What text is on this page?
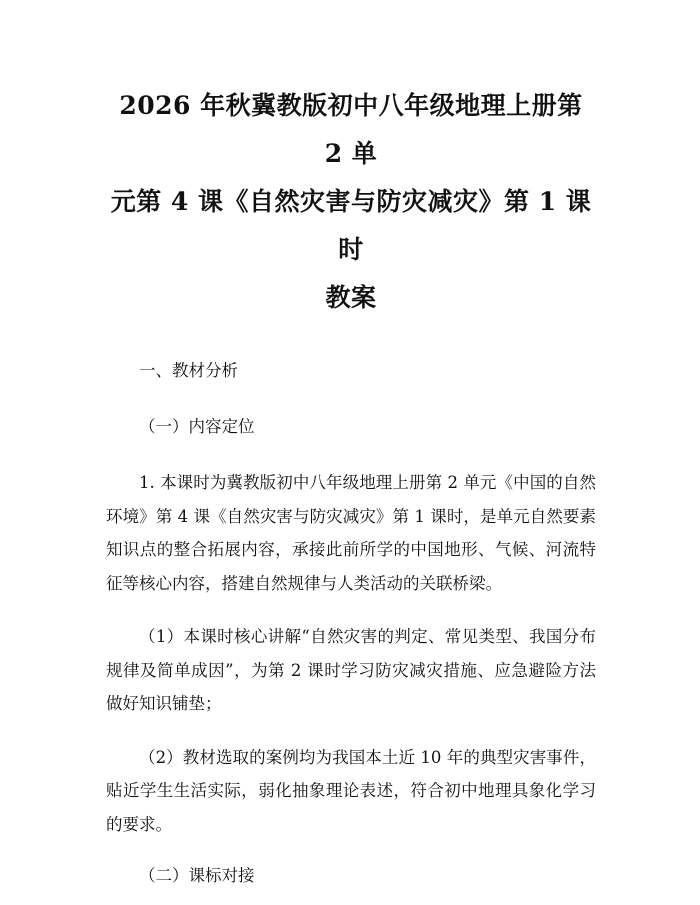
2026 年秋冀教版初中八年级地理上册第 2 单
元第 4 课《自然灾害与防灾减灾》第 1 课时
教案

一、教材分析

（一）内容定位

1. 本课时为冀教版初中八年级地理上册第 2 单元《中国的自然环境》第 4 课《自然灾害与防灾减灾》第 1 课时，是单元自然要素知识点的整合拓展内容，承接此前所学的中国地形、气候、河流特征等核心内容，搭建自然规律与人类活动的关联桥梁。

（1）本课时核心讲解“自然灾害的判定、常见类型、我国分布规律及简单成因”，为第 2 课时学习防灾减灾措施、应急避险方法做好知识铺垫；

（2）教材选取的案例均为我国本土近 10 年的典型灾害事件，贴近学生生活实际，弱化抽象理论表述，符合初中地理具象化学习的要求。

（二）课标对接
